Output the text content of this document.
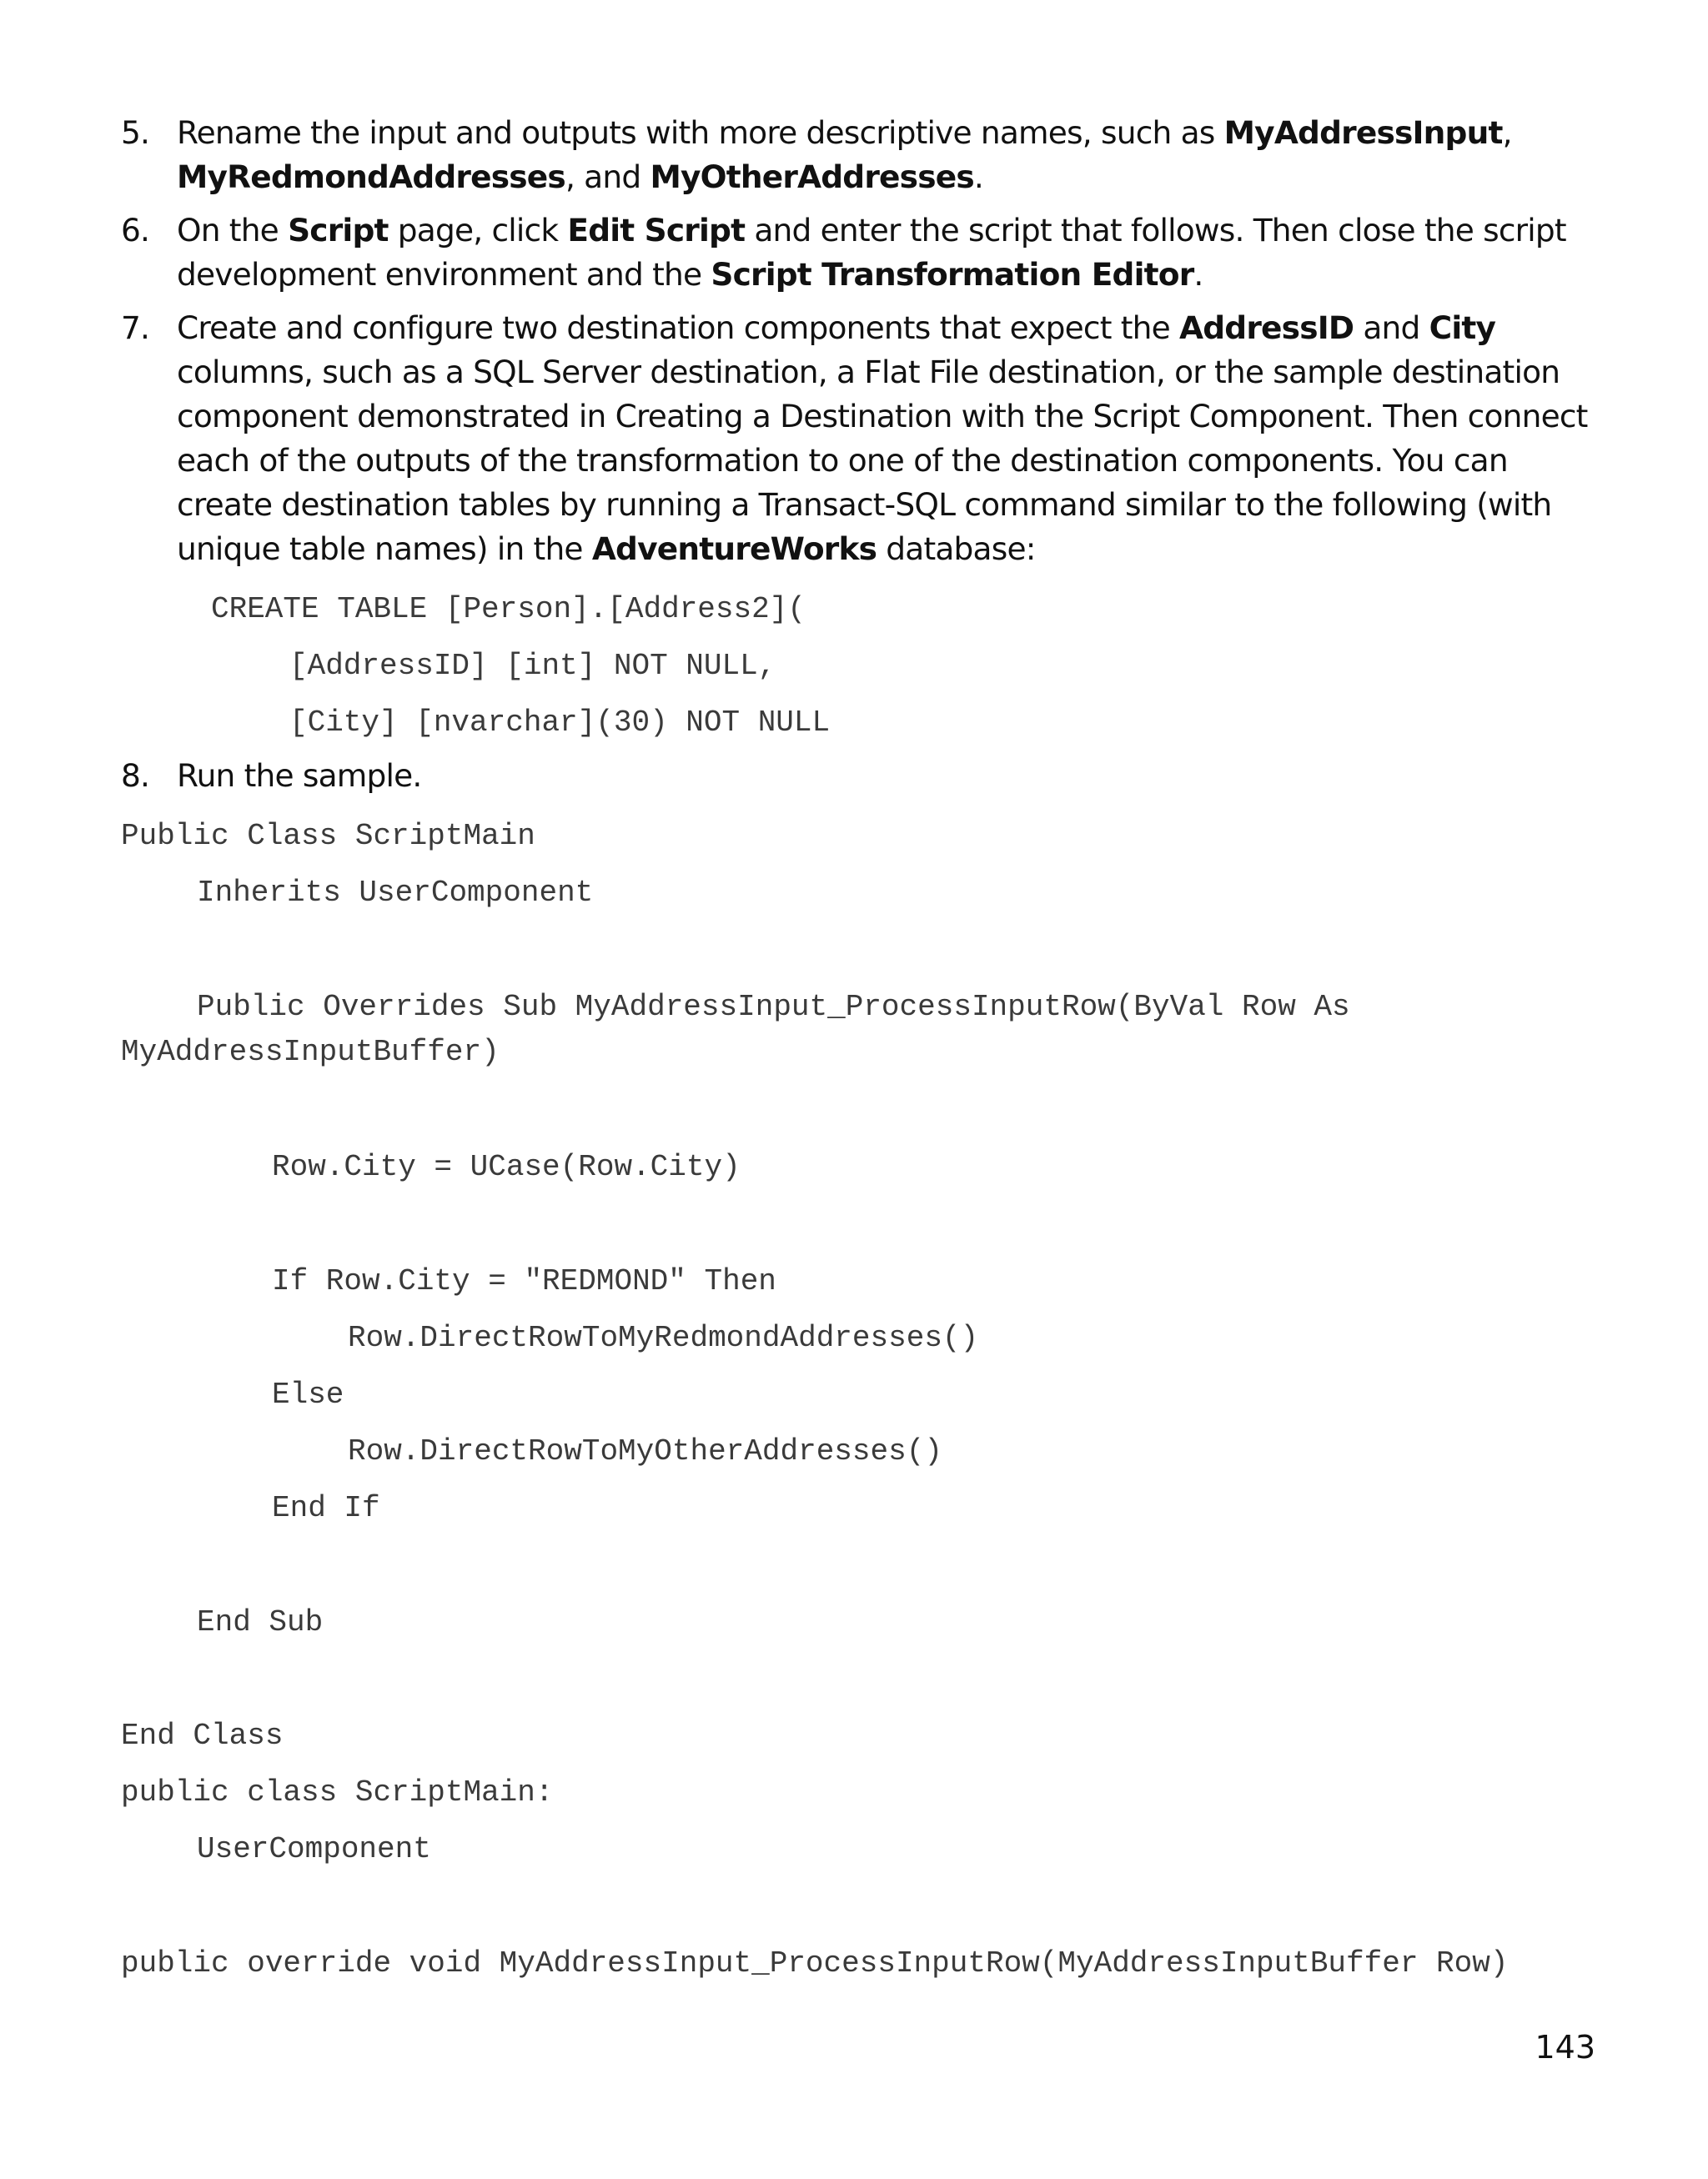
5. Rename the input and outputs with more descriptive names, such as MyAddressInput, MyRedmondAddresses, and MyOtherAddresses.
6. On the Script page, click Edit Script and enter the script that follows. Then close the script development environment and the Script Transformation Editor.
7. Create and configure two destination components that expect the AddressID and City columns, such as a SQL Server destination, a Flat File destination, or the sample destination component demonstrated in Creating a Destination with the Script Component. Then connect each of the outputs of the transformation to one of the destination components. You can create destination tables by running a Transact-SQL command similar to the following (with unique table names) in the AdventureWorks database:
CREATE TABLE [Person].[Address2](
[AddressID] [int] NOT NULL,
[City] [nvarchar](30) NOT NULL
8. Run the sample.
Public Class ScriptMain
Inherits UserComponent
Public Overrides Sub MyAddressInput_ProcessInputRow(ByVal Row As
MyAddressInputBuffer)
Row.City = UCase(Row.City)
If Row.City = "REDMOND" Then
Row.DirectRowToMyRedmondAddresses()
Else
Row.DirectRowToMyOtherAddresses()
End If
End Sub
End Class
public class ScriptMain:
UserComponent
public override void MyAddressInput_ProcessInputRow(MyAddressInputBuffer Row)
143
